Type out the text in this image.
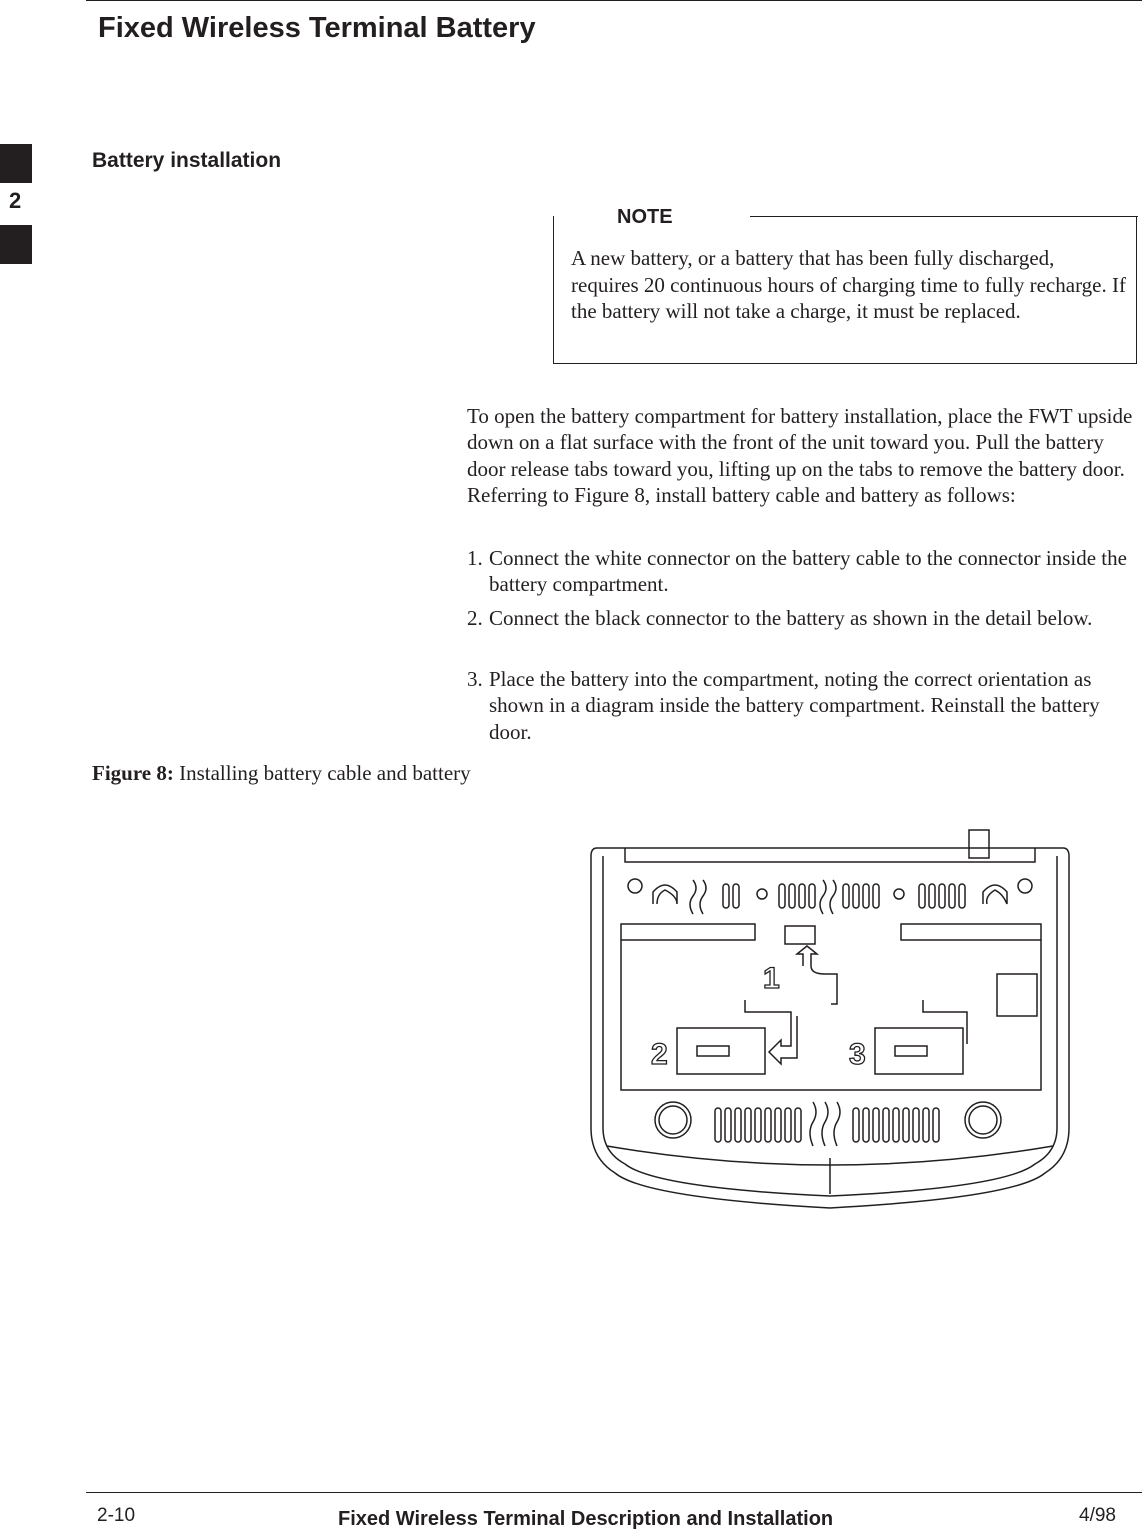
Fixed Wireless Terminal Battery
2
Battery installation
NOTE
A new battery, or a battery that has been fully discharged, requires 20 continuous hours of charging time to fully recharge. If the battery will not take a charge, it must be replaced.
To open the battery compartment for battery installation, place the FWT upside down on a flat surface with the front of the unit toward you. Pull the battery door release tabs toward you, lifting up on the tabs to remove the battery door. Referring to Figure 8, install battery cable and battery as follows:
1. Connect the white connector on the battery cable to the connector inside the battery compartment.
2. Connect the black connector to the battery as shown in the detail below.
3. Place the battery into the compartment, noting the correct orientation as shown in a diagram inside the battery compartment. Reinstall the battery door.
Figure 8: Installing battery cable and battery
1
2	3
2-10	Fixed Wireless Terminal Description and Installation	4/98
